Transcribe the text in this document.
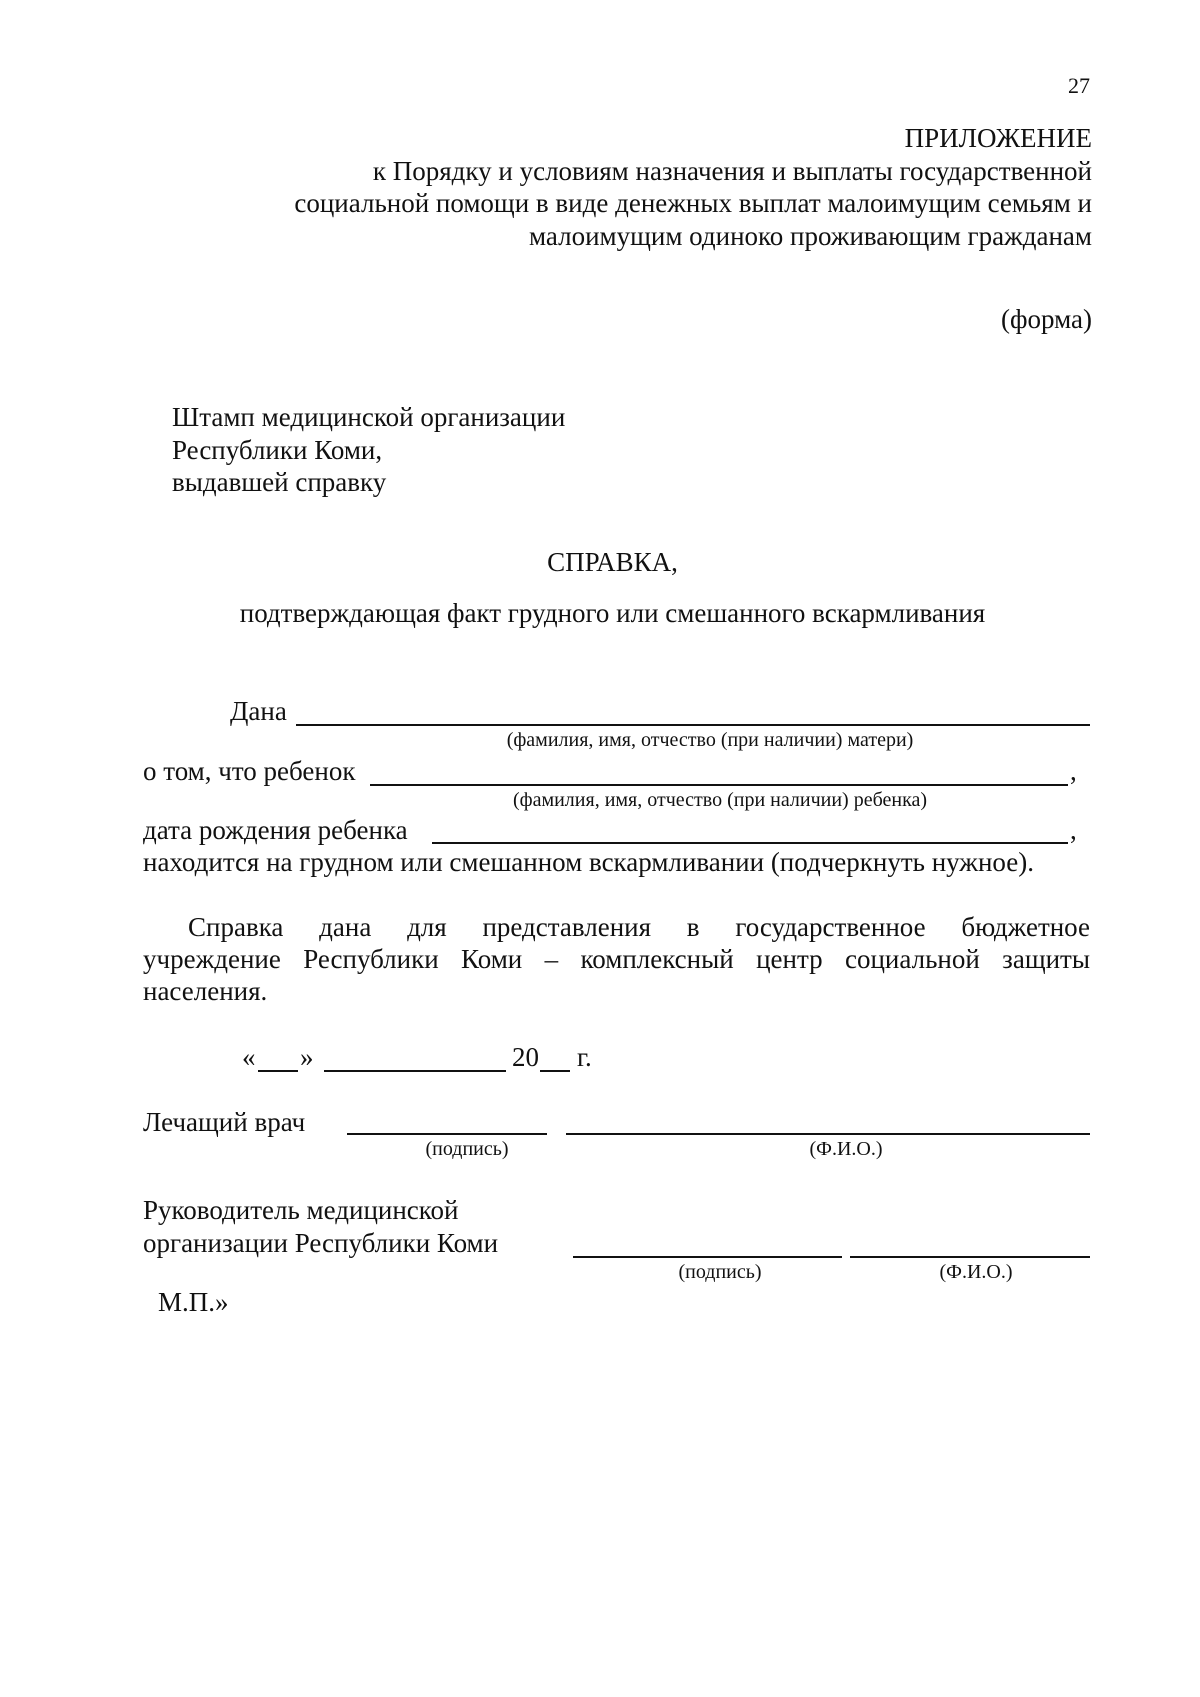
27
ПРИЛОЖЕНИЕ
к Порядку и условиям назначения и выплаты государственной
социальной помощи в виде денежных выплат малоимущим семьям и
малоимущим одиноко проживающим гражданам
(форма)
Штамп медицинской организации
Республики Коми,
выдавшей справку
СПРАВКА,
подтверждающая факт грудного или смешанного вскармливания
Дана
(фамилия, имя, отчество (при наличии) матери)
о том, что ребенок	,
(фамилия, имя, отчество (при наличии) ребенка)
дата рождения ребенка	,
находится на грудном или смешанном вскармливании (подчеркнуть нужное).
Справка дана для представления в государственное бюджетное
учреждение Республики Коми – комплексный центр социальной защиты
населения.
« »	20 г.
Лечащий врач
(подпись)	(Ф.И.О.)
Руководитель медицинской
организации Республики Коми
(подпись)	(Ф.И.О.)
М.П.»
